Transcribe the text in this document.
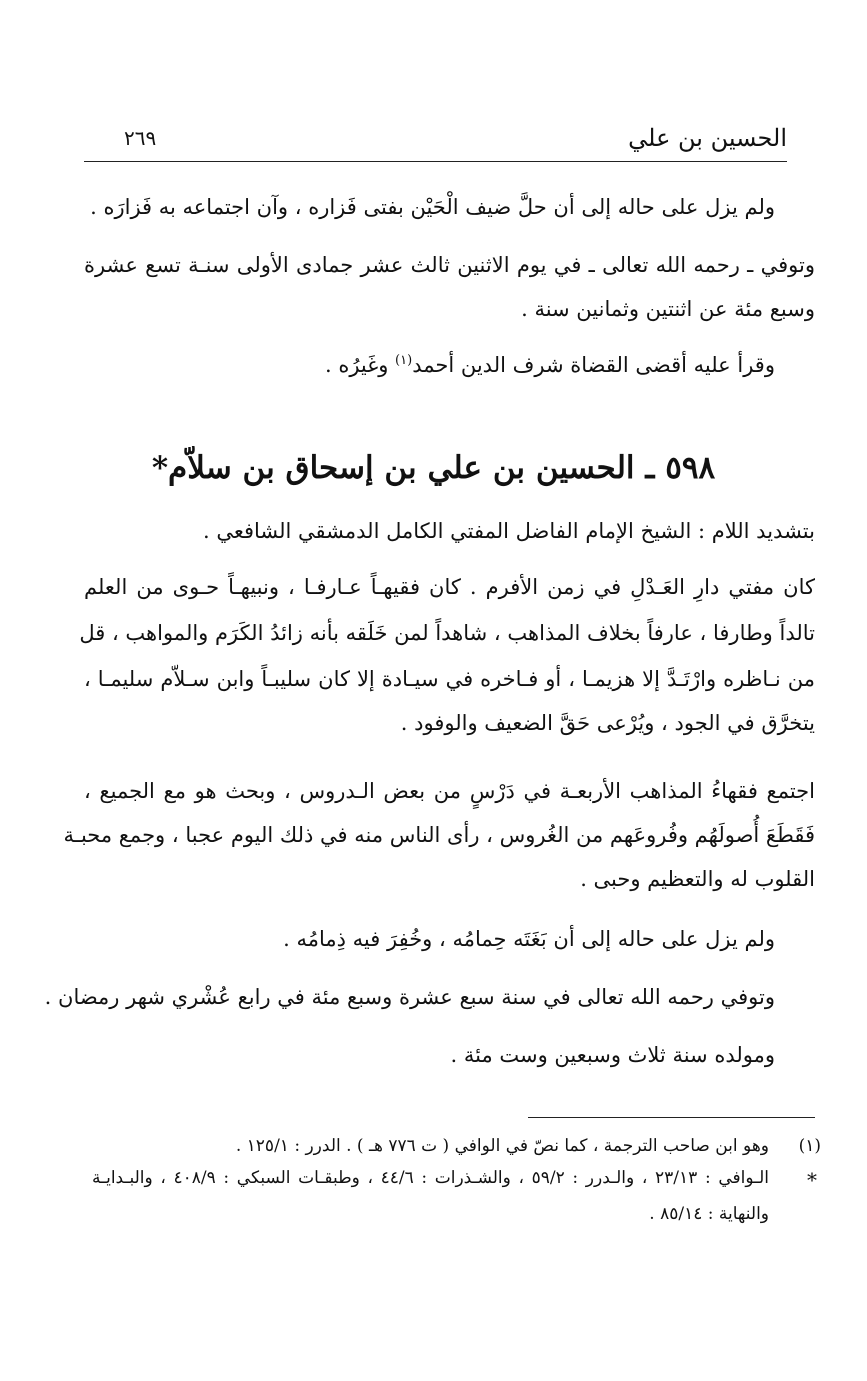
٢٦٩	الحسين بن علي
ولم يزل على حاله إلى أن حلَّ ضيف الْحَيْن بفتى فَزاره ، وآن اجتماعه به فَزارَه .
وتوفي ـ رحمه الله تعالى ـ في يوم الاثنين ثالث عشر جمادى الأولى سنـة تسع عشرة
وسبع مئة عن اثنتين وثمانين سنة .
وقرأ عليه أقضى القضاة شرف الدين أحمد$^{(١)}$ وغَيرُه .
٥٩٨ ـ الحسين بن علي بن إسحاق بن سلاّم*
بتشديد اللام : الشيخ الإمام الفاضل المفتي الكامل الدمشقي الشافعي .
كان مفتي دارِ العَـدْلِ في زمن الأفرم . كان فقيهـاً عـارفـا ، ونبيهـاً حـوى من العلم
تالداً وطارفا ، عارفاً بخلاف المذاهب ، شاهداً لمن خَلَقه بأنه زائدُ الكَرَم والمواهب ، قل
من نـاظره وارْتَـدَّ إلا هزيمـا ، أو فـاخره في سيـادة إلا كان سليبـاً وابن سـلاّم سليمـا ،
يتخرَّق في الجود ، ويُرْعى حَقَّ الضعيف والوفود .
اجتمع فقهاءُ المذاهب الأربعـة في دَرْسٍ من بعض الـدروس ، وبحث هو مع الجميع ،
فَقَطَعَ أُصولَهُم وفُروعَهم من الغُروس ، رأى الناس منه في ذلك اليوم عجبا ، وجمع محبـة
القلوب له والتعظيم وحبى .
ولم يزل على حاله إلى أن بَغَتَه حِمامُه ، وخُفِرَ فيه ذِمامُه .
وتوفي رحمه الله تعالى في سنة سبع عشرة وسبع مئة في رابع عُشْري شهر رمضان .
ومولده سنة ثلاث وسبعين وست مئة .
(١)
وهو ابن صاحب الترجمة ، كما نصّ في الوافي ( ت ٧٧٦ هـ ) . الدرر : ١٢٥/١ .
*
الـوافي : ٢٣/١٣ ، والـدرر : ٥٩/٢ ، والشـذرات : ٤٤/٦ ، وطبقـات السبكي : ٤٠٨/٩ ، والبـدايـة
والنهاية : ٨٥/١٤ .
